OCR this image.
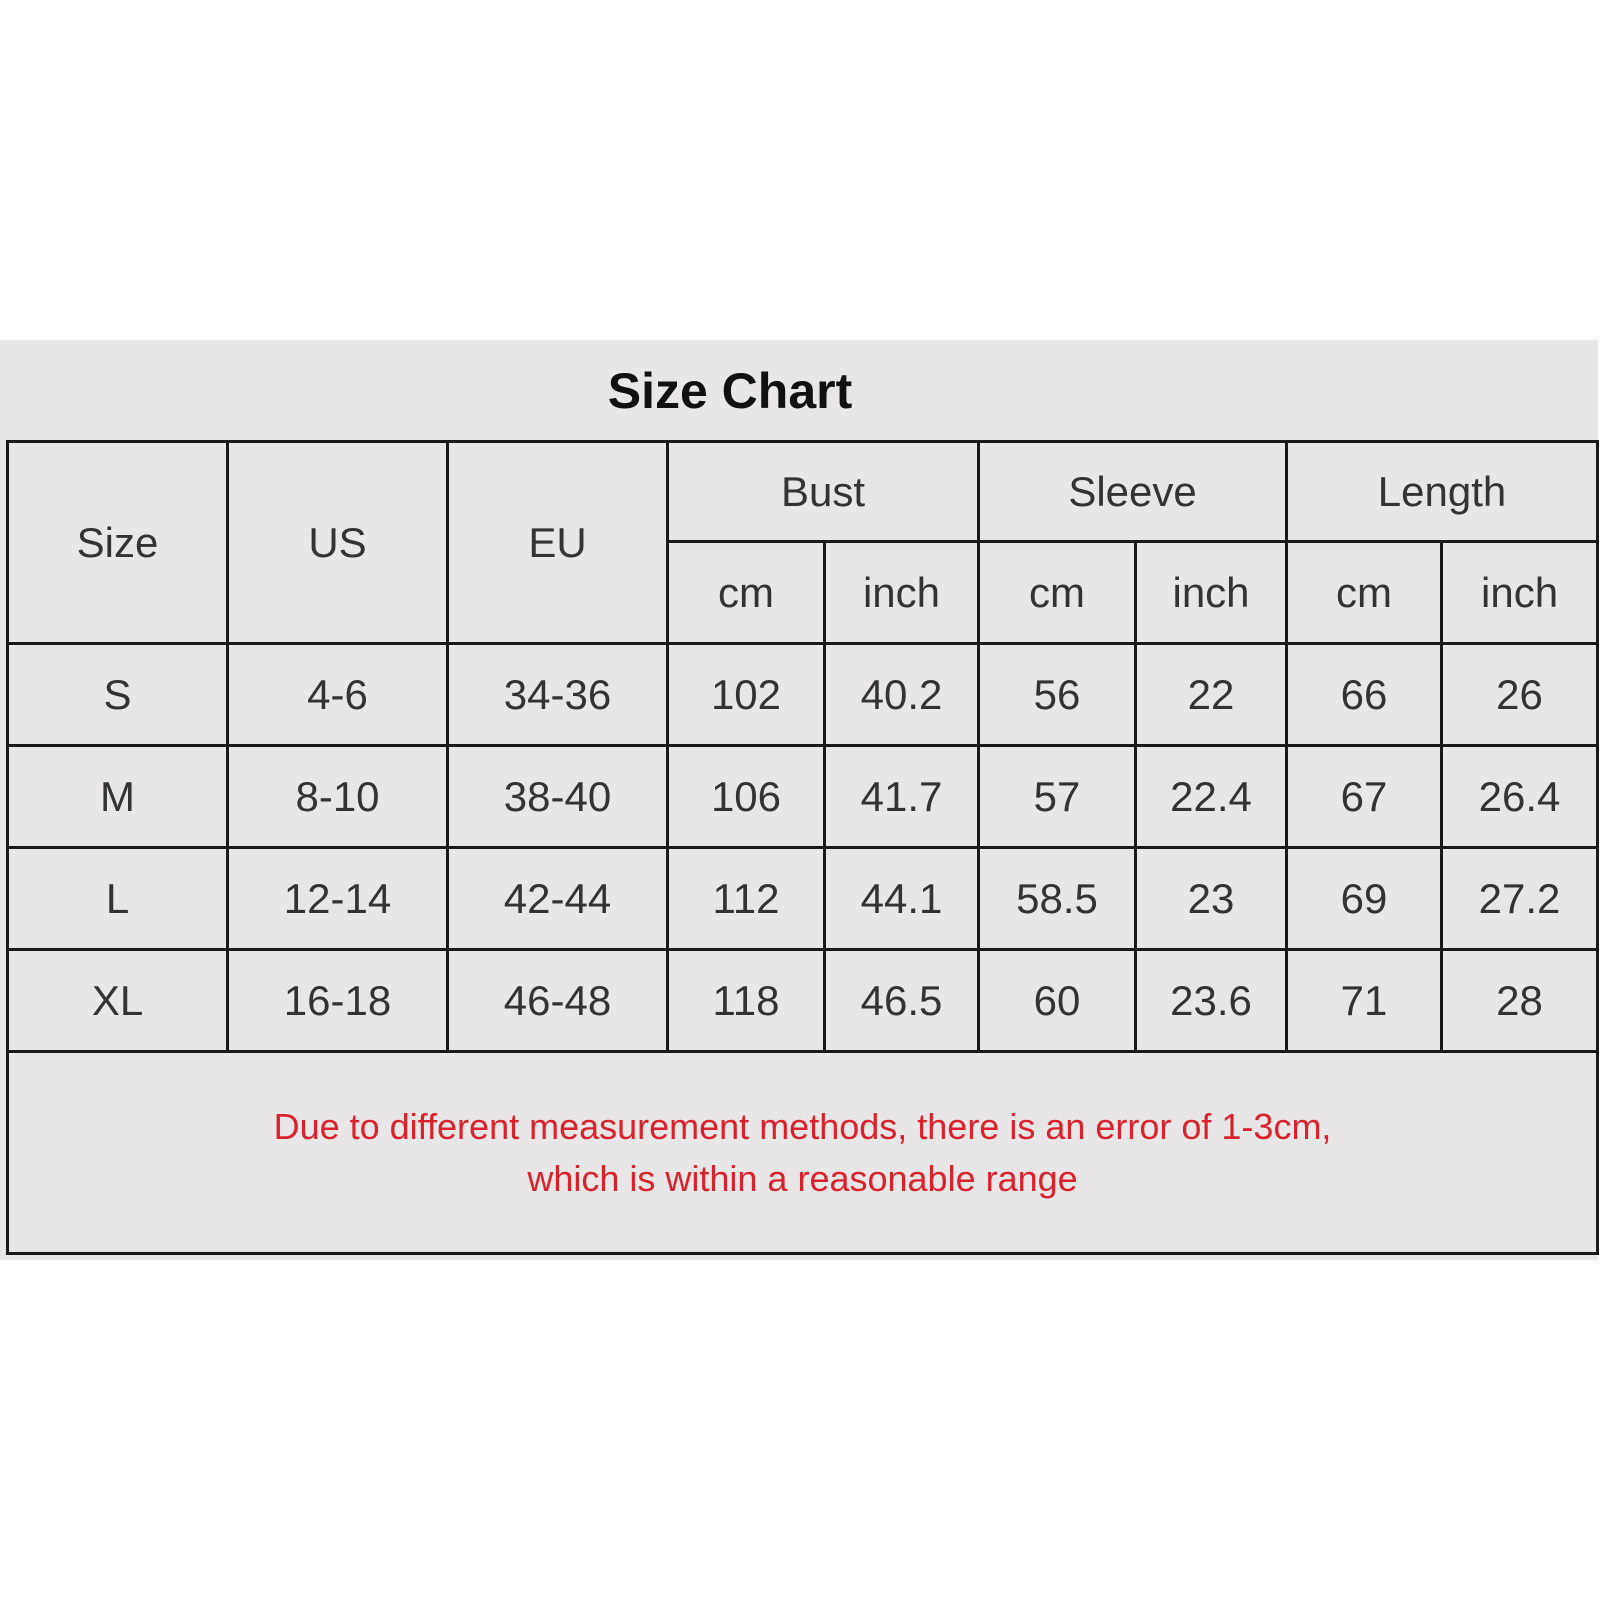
Size Chart
Size	US	EU	Bust		Sleeve		Length	
			cm	inch	cm	inch	cm	inch
S	4-6	34-36	102	40.2	56	22	66	26
M	8-10	38-40	106	41.7	57	22.4	67	26.4
L	12-14	42-44	112	44.1	58.5	23	69	27.2
XL	16-18	46-48	118	46.5	60	23.6	71	28

Due to different measurement methods, there is an error of 1-3cm,
which is within a reasonable range								
